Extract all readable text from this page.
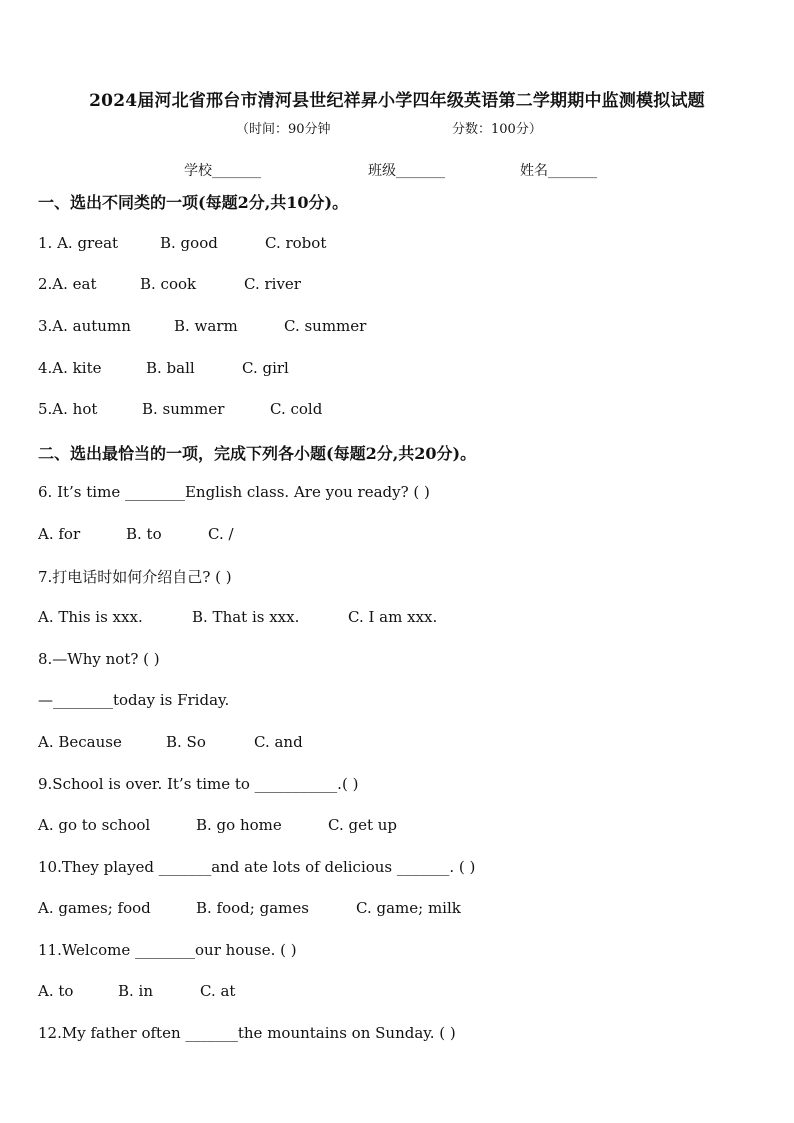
2024届河北省邢台市清河县世纪祥昇小学四年级英语第二学期期中监测模拟试题
（时间：90分钟	分数：100分）
学校_______	班级_______	姓名_______
一、选出不同类的一项(每题2分,共10分)。
1. A. great	B. good	C. robot
2.A. eat	B. cook	C. river
3.A. autumn	B. warm	C. summer
4.A. kite	B. ball	C. girl
5.A. hot	B. summer	C. cold
二、选出最恰当的一项，完成下列各小题(每题2分,共20分)。
6. It’s time ________English class. Are you ready? ( )
A. for	B. to	C. /
7.打电话时如何介绍自己? ( )
A. This is xxx.	B. That is xxx.	C. I am xxx.
8.—Why not? ( )
—________today is Friday.
A. Because	B. So	C. and
9.School is over. It’s time to ___________.( )
A. go to school	B. go home	C. get up
10.They played _______and ate lots of delicious _______. ( )
A. games; food	B. food; games	C. game; milk
11.Welcome ________our house. ( )
A. to	B. in	C. at
12.My father often _______the mountains on Sunday. ( )
